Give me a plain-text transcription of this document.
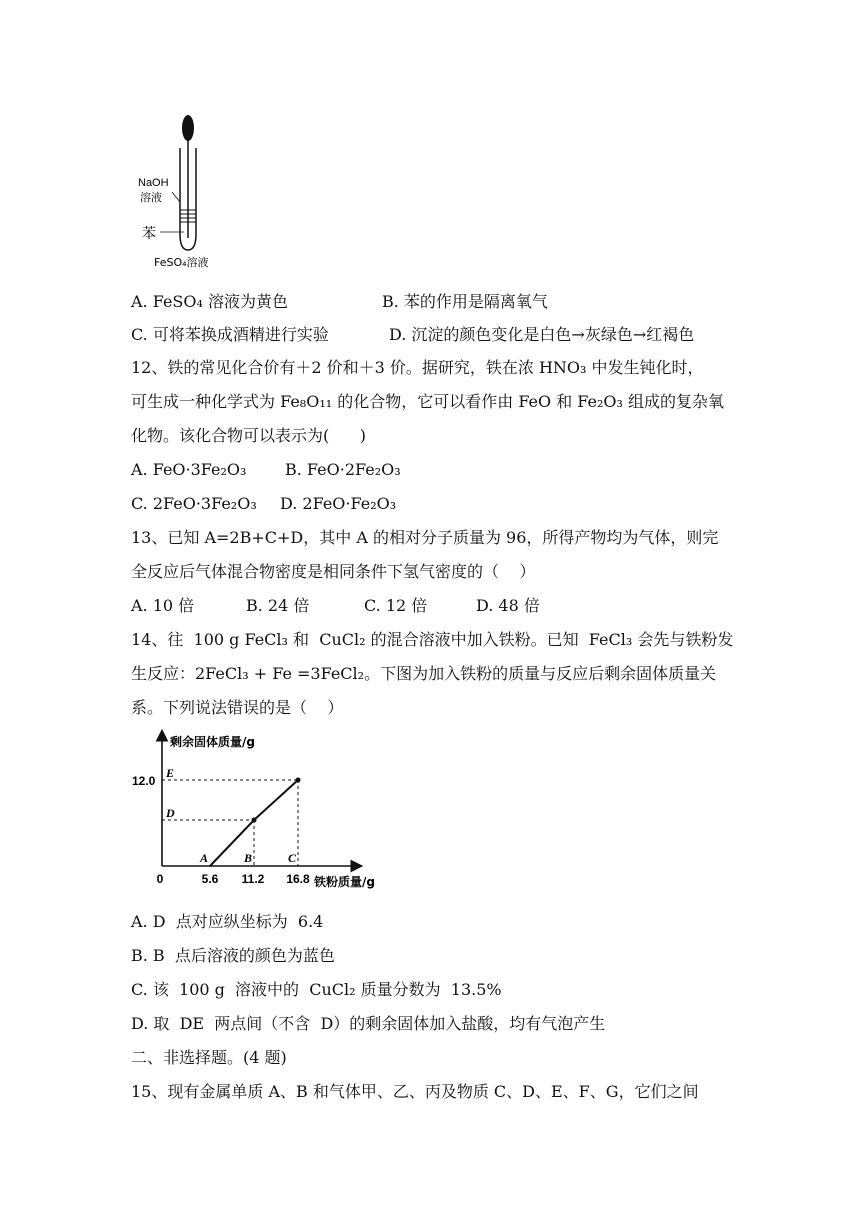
NaOH
溶液
苯
FeSO₄溶液
A. FeSO₄ 溶液为黄色	B. 苯的作用是隔离氧气
C. 可将苯换成酒精进行实验	D. 沉淀的颜色变化是白色→灰绿色→红褐色
12、铁的常见化合价有＋2 价和＋3 价。据研究，铁在浓 HNO₃ 中发生钝化时，
可生成一种化学式为 Fe₈O₁₁ 的化合物，它可以看作由 FeO 和 Fe₂O₃ 组成的复杂氧
化物。该化合物可以表示为(      )
A. FeO·3Fe₂O₃ B. FeO·2Fe₂O₃
C. 2FeO·3Fe₂O₃ D. 2FeO·Fe₂O₃
13、已知 A=2B+C+D，其中 A 的相对分子质量为 96，所得产物均为气体，则完
全反应后气体混合物密度是相同条件下氢气密度的（    ）
A. 10 倍	B. 24 倍	C. 12 倍	D. 48 倍
14、往  100 g FeCl₃ 和  CuCl₂ 的混合溶液中加入铁粉。已知  FeCl₃ 会先与铁粉发
生反应：2FeCl₃ + Fe =3FeCl₂。下图为加入铁粉的质量与反应后剩余固体质量关
系。下列说法错误的是（    ）
剩余固体质量/g
铁粉质量/g
0	5.6 11.2 16.8
12.0
A	B	C
D
E
A. D  点对应纵坐标为  6.4
B. B  点后溶液的颜色为蓝色
C. 该  100 g  溶液中的  CuCl₂ 质量分数为  13.5%
D. 取  DE  两点间（不含  D）的剩余固体加入盐酸，均有气泡产生
二、非选择题。(4 题)
15、现有金属单质 A、B 和气体甲、乙、丙及物质 C、D、E、F、G，它们之间
